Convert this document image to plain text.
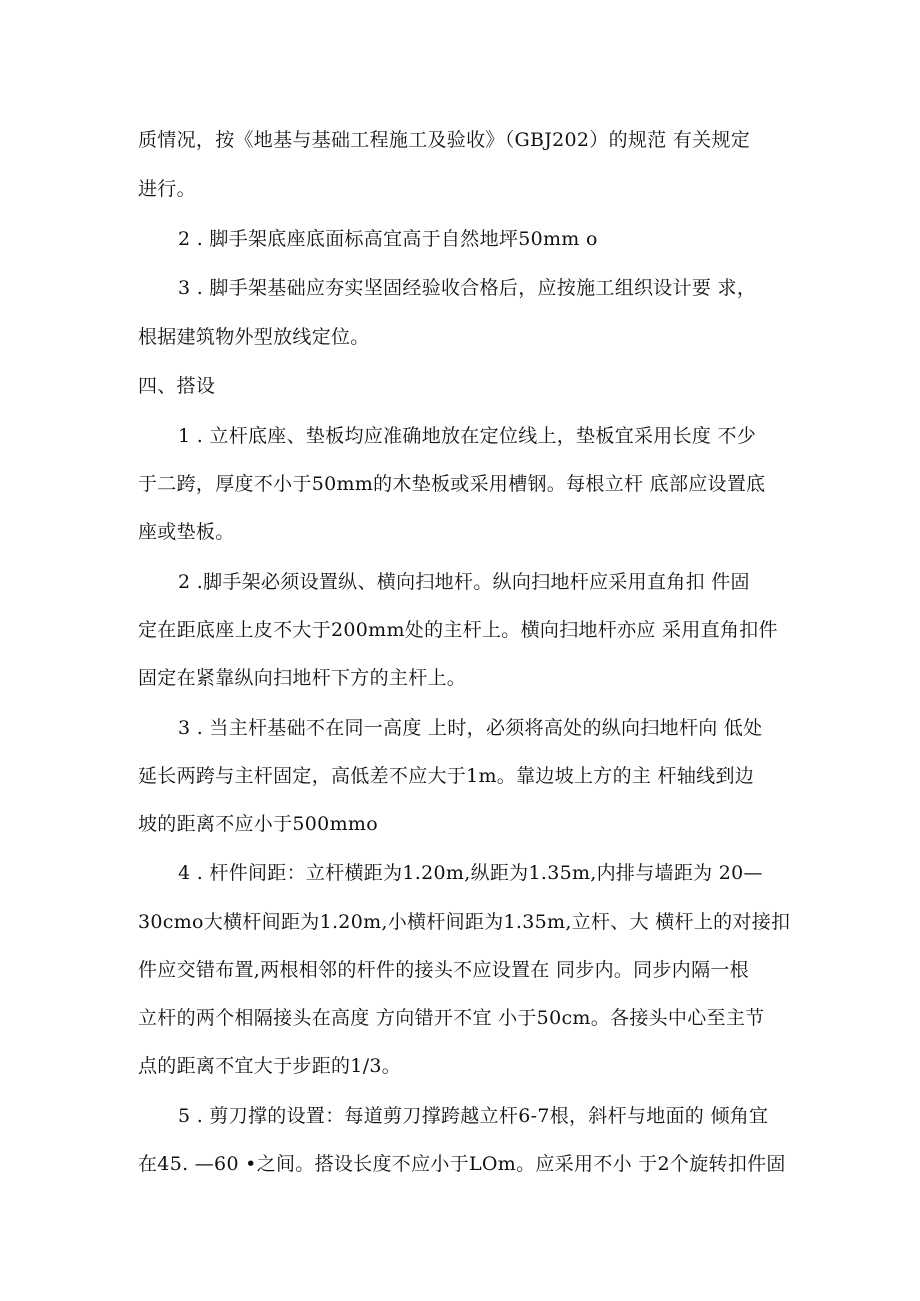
质情况，按《地基与基础工程施工及验收》（GBJ202）的规范 有关规定
进行。
2 . 脚手架底座底面标高宜高于自然地坪50mm o
3 . 脚手架基础应夯实坚固经验收合格后，应按施工组织设计要 求，
根据建筑物外型放线定位。
四、搭设
1 . 立杆底座、垫板均应准确地放在定位线上，垫板宜采用长度 不少
于二跨，厚度不小于50mm的木垫板或采用槽钢。每根立杆 底部应设置底
座或垫板。
2 .脚手架必须设置纵、横向扫地杆。纵向扫地杆应采用直角扣 件固
定在距底座上皮不大于200mm处的主杆上。横向扫地杆亦应 采用直角扣件
固定在紧靠纵向扫地杆下方的主杆上。
3 . 当主杆基础不在同一高度 上时，必须将高处的纵向扫地杆向 低处
延长两跨与主杆固定，高低差不应大于1m。靠边坡上方的主 杆轴线到边
坡的距离不应小于500mmo
4 . 杆件间距：立杆横距为1.20m,纵距为1.35m,内排与墙距为 20—
30cmo大横杆间距为1.20m,小横杆间距为1.35m,立杆、大 横杆上的对接扣
件应交错布置,两根相邻的杆件的接头不应设置在 同步内。同步内隔一根
立杆的两个相隔接头在高度 方向错开不宜 小于50cm。各接头中心至主节
点的距离不宜大于步距的1/3。
5 . 剪刀撑的设置：每道剪刀撑跨越立杆6-7根，斜杆与地面的 倾角宜
在45. —60 •之间。搭设长度不应小于LOm。应采用不小 于2个旋转扣件固
